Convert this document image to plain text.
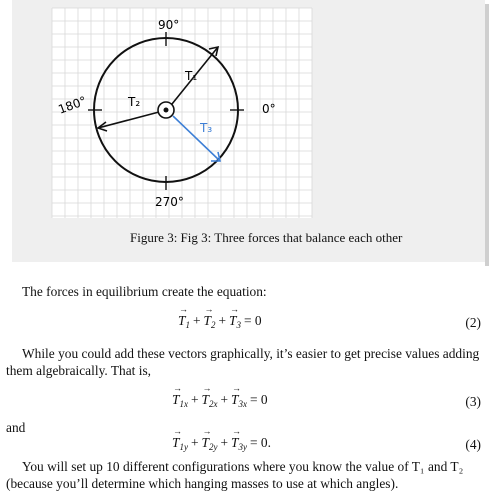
90°
0°
180°
270°
T₁
T₂
T₃
Figure 3: Fig 3: Three forces that balance each other
The forces in equilibrium create the equation:
→ $T_1 +\to T_2 +\to T_3 = 0$	(2)
While you could add these vectors graphically, it’s easier to get precise values adding them algebraically. That is,
→ $T_{1x} +\to T_{2x} +\to T_{3x} = 0$	(3)
and
→ $T_{1y} +\to T_{2y} +\to T_{3y} = 0$.	(4)
You will set up 10 different configurations where you know the value of T₁ and T₂ (because you’ll determine which hanging masses to use at which angles).
